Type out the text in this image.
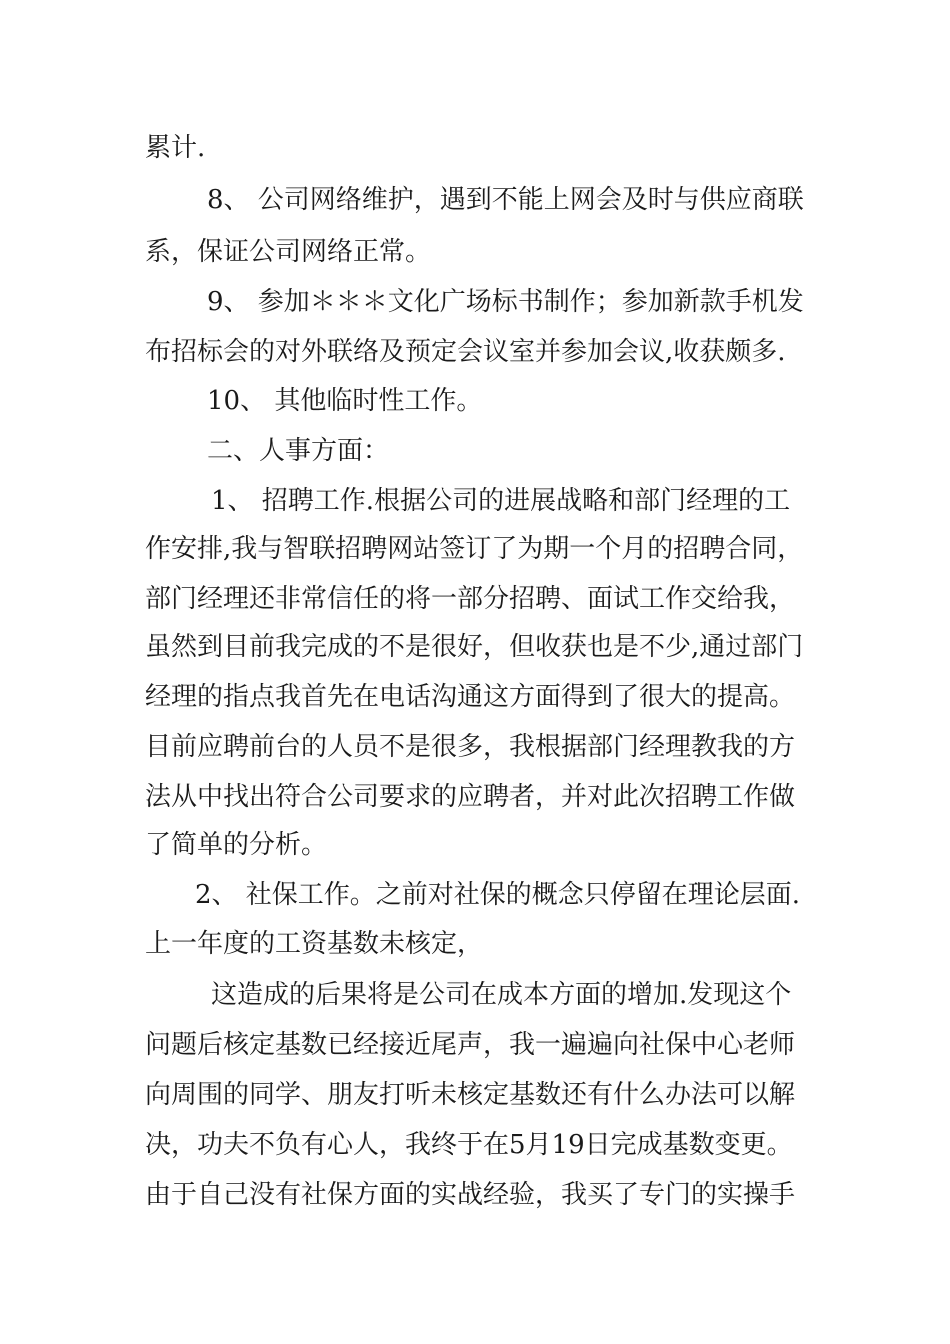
累计.
8、 公司网络维护，遇到不能上网会及时与供应商联
系，保证公司网络正常。
9、 参加＊＊＊文化广场标书制作；参加新款手机发
布招标会的对外联络及预定会议室并参加会议,收获颇多.
10、 其他临时性工作。
二、人事方面：
1、 招聘工作.根据公司的进展战略和部门经理的工
作安排,我与智联招聘网站签订了为期一个月的招聘合同，
部门经理还非常信任的将一部分招聘、面试工作交给我，
虽然到目前我完成的不是很好，但收获也是不少,通过部门
经理的指点我首先在电话沟通这方面得到了很大的提高。
目前应聘前台的人员不是很多，我根据部门经理教我的方
法从中找出符合公司要求的应聘者，并对此次招聘工作做
了简单的分析。
2、 社保工作。之前对社保的概念只停留在理论层面.
上一年度的工资基数未核定，
这造成的后果将是公司在成本方面的增加.发现这个
问题后核定基数已经接近尾声，我一遍遍向社保中心老师
向周围的同学、朋友打听未核定基数还有什么办法可以解
决，功夫不负有心人，我终于在5月19日完成基数变更。
由于自己没有社保方面的实战经验，我买了专门的实操手
